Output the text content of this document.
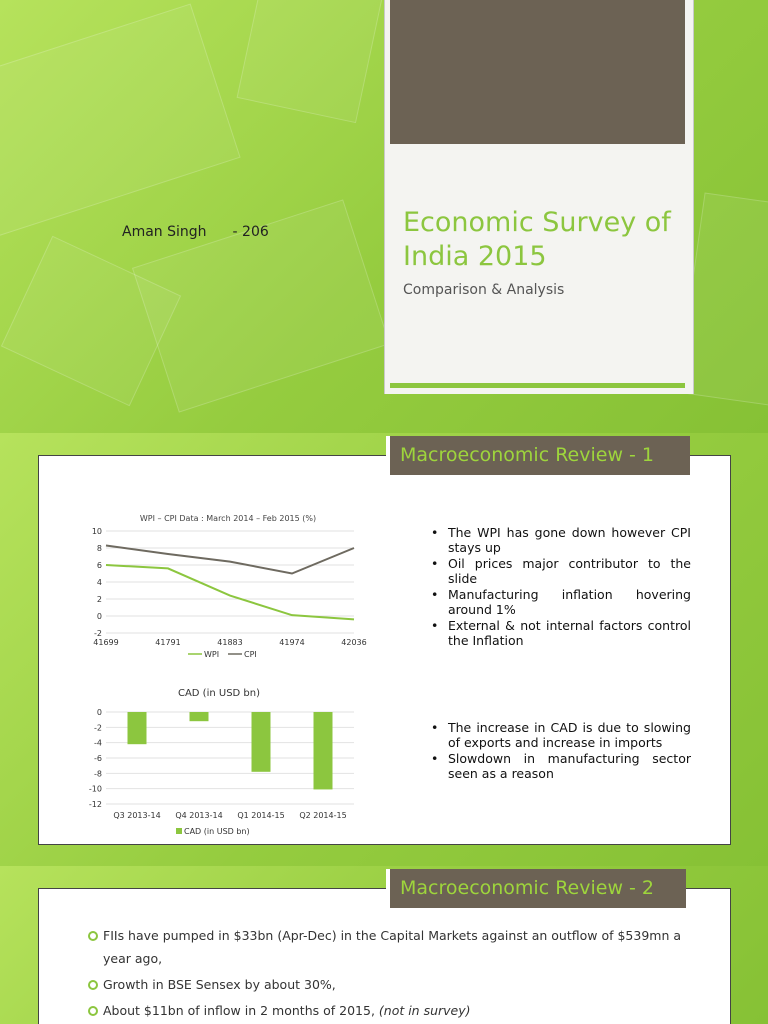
Aman Singh - 206	Economic Survey of India 2015
Comparison & Analysis
Macroeconomic Review - 1
WPI – CPI Data : March 2014 – Feb 2015 (%)
-2
0
2
4
6
8
10
41699	41791	41883	41974	42036
WPI	CPI
CAD (in USD bn)
0
-2
-4
-6
-8
-10
-12
Q3 2013-14 Q4 2013-14 Q1 2014-15 Q2 2014-15
CAD (in USD bn)
• The WPI has gone down however CPI stays up
• Oil prices major contributor to the slide
• Manufacturing inflation hovering around 1%
• External & not internal factors control the Inflation
• The increase in CAD is due to slowing of exports and increase in imports
• Slowdown in manufacturing sector seen as a reason
Macroeconomic Review - 2
FIIs have pumped in $33bn (Apr-Dec) in the Capital Markets against an outflow of $539mn a year ago,
Growth in BSE Sensex by about 30%,
About $11bn of inflow in 2 months of 2015, (not in survey)
